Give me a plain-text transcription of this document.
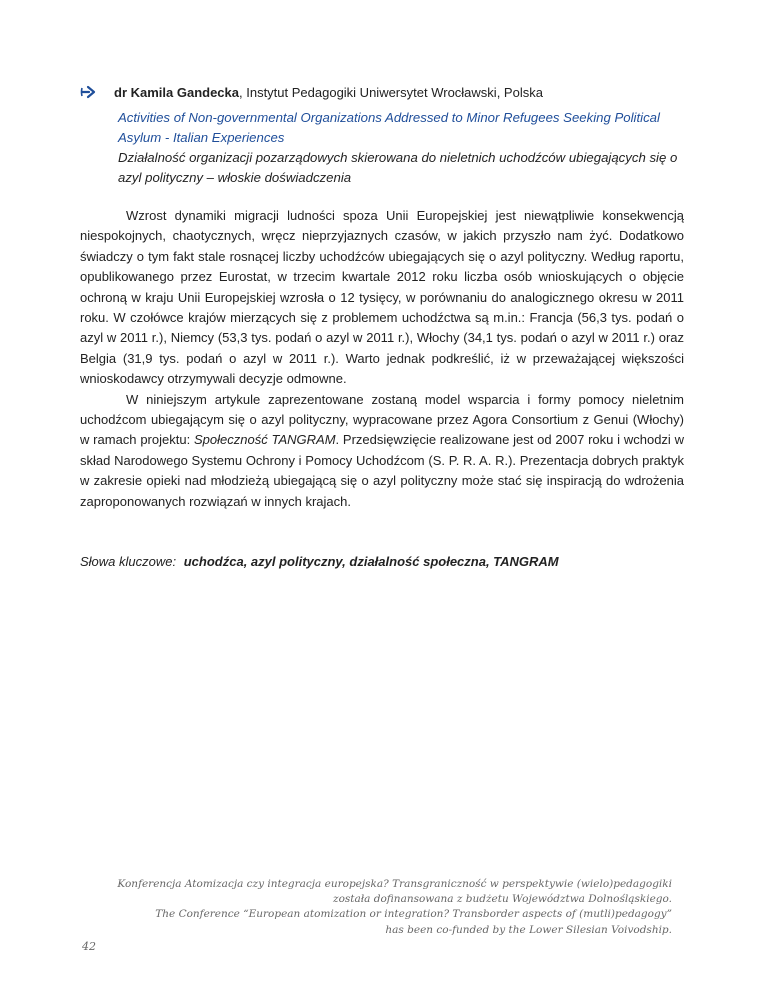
dr Kamila Gandecka, Instytut Pedagogiki Uniwersytet Wrocławski, Polska
Activities of Non-governmental Organizations Addressed to Minor Refugees Seeking Political Asylum - Italian Experiences
Działalność organizacji pozarządowych skierowana do nieletnich uchodźców ubiegających się o azyl polityczny – włoskie doświadczenia

Wzrost dynamiki migracji ludności spoza Unii Europejskiej jest niewątpliwie konsekwencją niespokojnych, chaotycznych, wręcz nieprzyjaznych czasów, w jakich przyszło nam żyć. Dodatkowo świadczy o tym fakt stale rosnącej liczby uchodźców ubiegających się o azyl polityczny. Według raportu, opublikowanego przez Eurostat, w trzecim kwartale 2012 roku liczba osób wnioskujących o objęcie ochroną w kraju Unii Europejskiej wzrosła o 12 tysięcy, w porównaniu do analogicznego okresu w 2011 roku. W czołówce krajów mierzących się z problemem uchodźctwa są m.in.: Francja (56,3 tys. podań o azyl w 2011 r.), Niemcy (53,3 tys. podań o azyl w 2011 r.), Włochy (34,1 tys. podań o azyl w 2011 r.) oraz Belgia (31,9 tys. podań o azyl w 2011 r.). Warto jednak podkreślić, iż w przeważającej większości wnioskodawcy otrzymywali decyzje odmowne.

W niniejszym artykule zaprezentowane zostaną model wsparcia i formy pomocy nieletnim uchodźcom ubiegającym się o azyl polityczny, wypracowane przez Agora Consortium z Genui (Włochy) w ramach projektu: Społeczność TANGRAM. Przedsięwzięcie realizowane jest od 2007 roku i wchodzi w skład Narodowego Systemu Ochrony i Pomocy Uchodźcom (S. P. R. A. R.). Prezentacja dobrych praktyk w zakresie opieki nad młodzieżą ubiegającą się o azyl polityczny może stać się inspiracją do wdrożenia zaproponowanych rozwiązań w innych krajach.

Słowa kluczowe: uchodźca, azyl polityczny, działalność społeczna, TANGRAM
Konferencja Atomizacja czy integracja europejska? Transgraniczność w perspektywie (wielo)pedagogiki
została dofinansowana z budżetu Województwa Dolnośląskiego.
The Conference “European atomization or integration? Transborder aspects of (mutli)pedagogy”
has been co-funded by the Lower Silesian Voivodship.
42
